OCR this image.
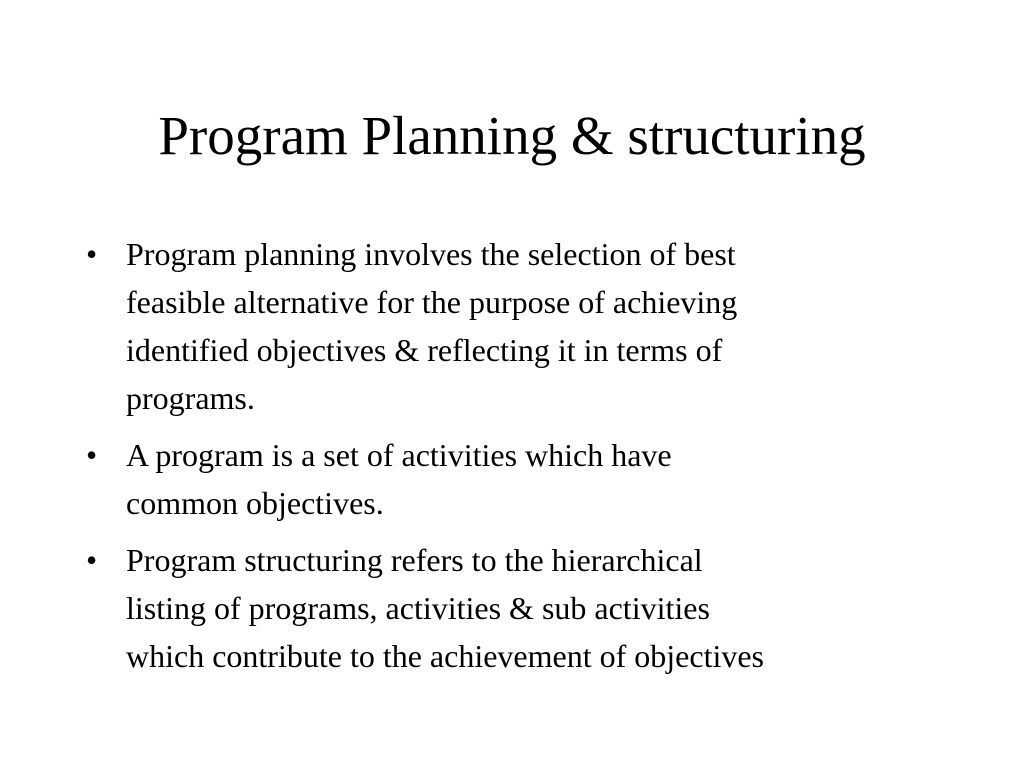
Program Planning & structuring
• Program planning involves the selection of best
feasible alternative for the purpose of achieving
identified objectives & reflecting it in terms of
programs.
• A program is a set of activities which have
common objectives.
• Program structuring refers to the hierarchical
listing of programs, activities & sub activities
which contribute to the achievement of objectives
